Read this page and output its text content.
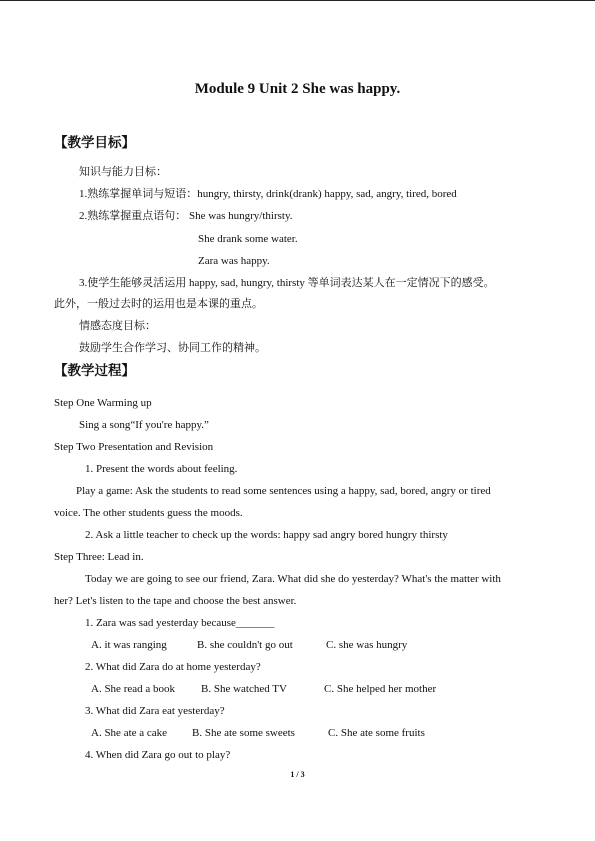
Module 9 Unit 2 She was happy.
【教学目标】
知识与能力目标：
1.熟练掌握单词与短语：hungry, thirsty, drink(drank) happy, sad, angry, tired, bored
2.熟练掌握重点语句： She was hungry/thirsty.
She drank some water.
Zara was happy.
3.使学生能够灵活运用 happy, sad, hungry, thirsty 等单词表达某人在一定情况下的感受。
此外，一般过去时的运用也是本课的重点。
情感态度目标：
鼓励学生合作学习、协同工作的精神。
【教学过程】
Step One Warming up
Sing a song“If you're happy.”
Step Two Presentation and Revision
1. Present the words about feeling.
Play a game: Ask the students to read some sentences using a happy, sad, bored, angry or tired
voice. The other students guess the moods.
2. Ask a little teacher to check up the words: happy sad angry bored hungry thirsty
Step Three: Lead in.
Today we are going to see our friend, Zara. What did she do yesterday? What's the matter with
her? Let's listen to the tape and choose the best answer.
1. Zara was sad yesterday because_______
A. it was ranging	B. she couldn't go out	C. she was hungry
2. What did Zara do at home yesterday?
A. She read a book B. She watched TV	C. She helped her mother
3. What did Zara eat yesterday?
A. She ate a cake B. She ate some sweets	C. She ate some fruits
4. When did Zara go out to play?
1 / 3
